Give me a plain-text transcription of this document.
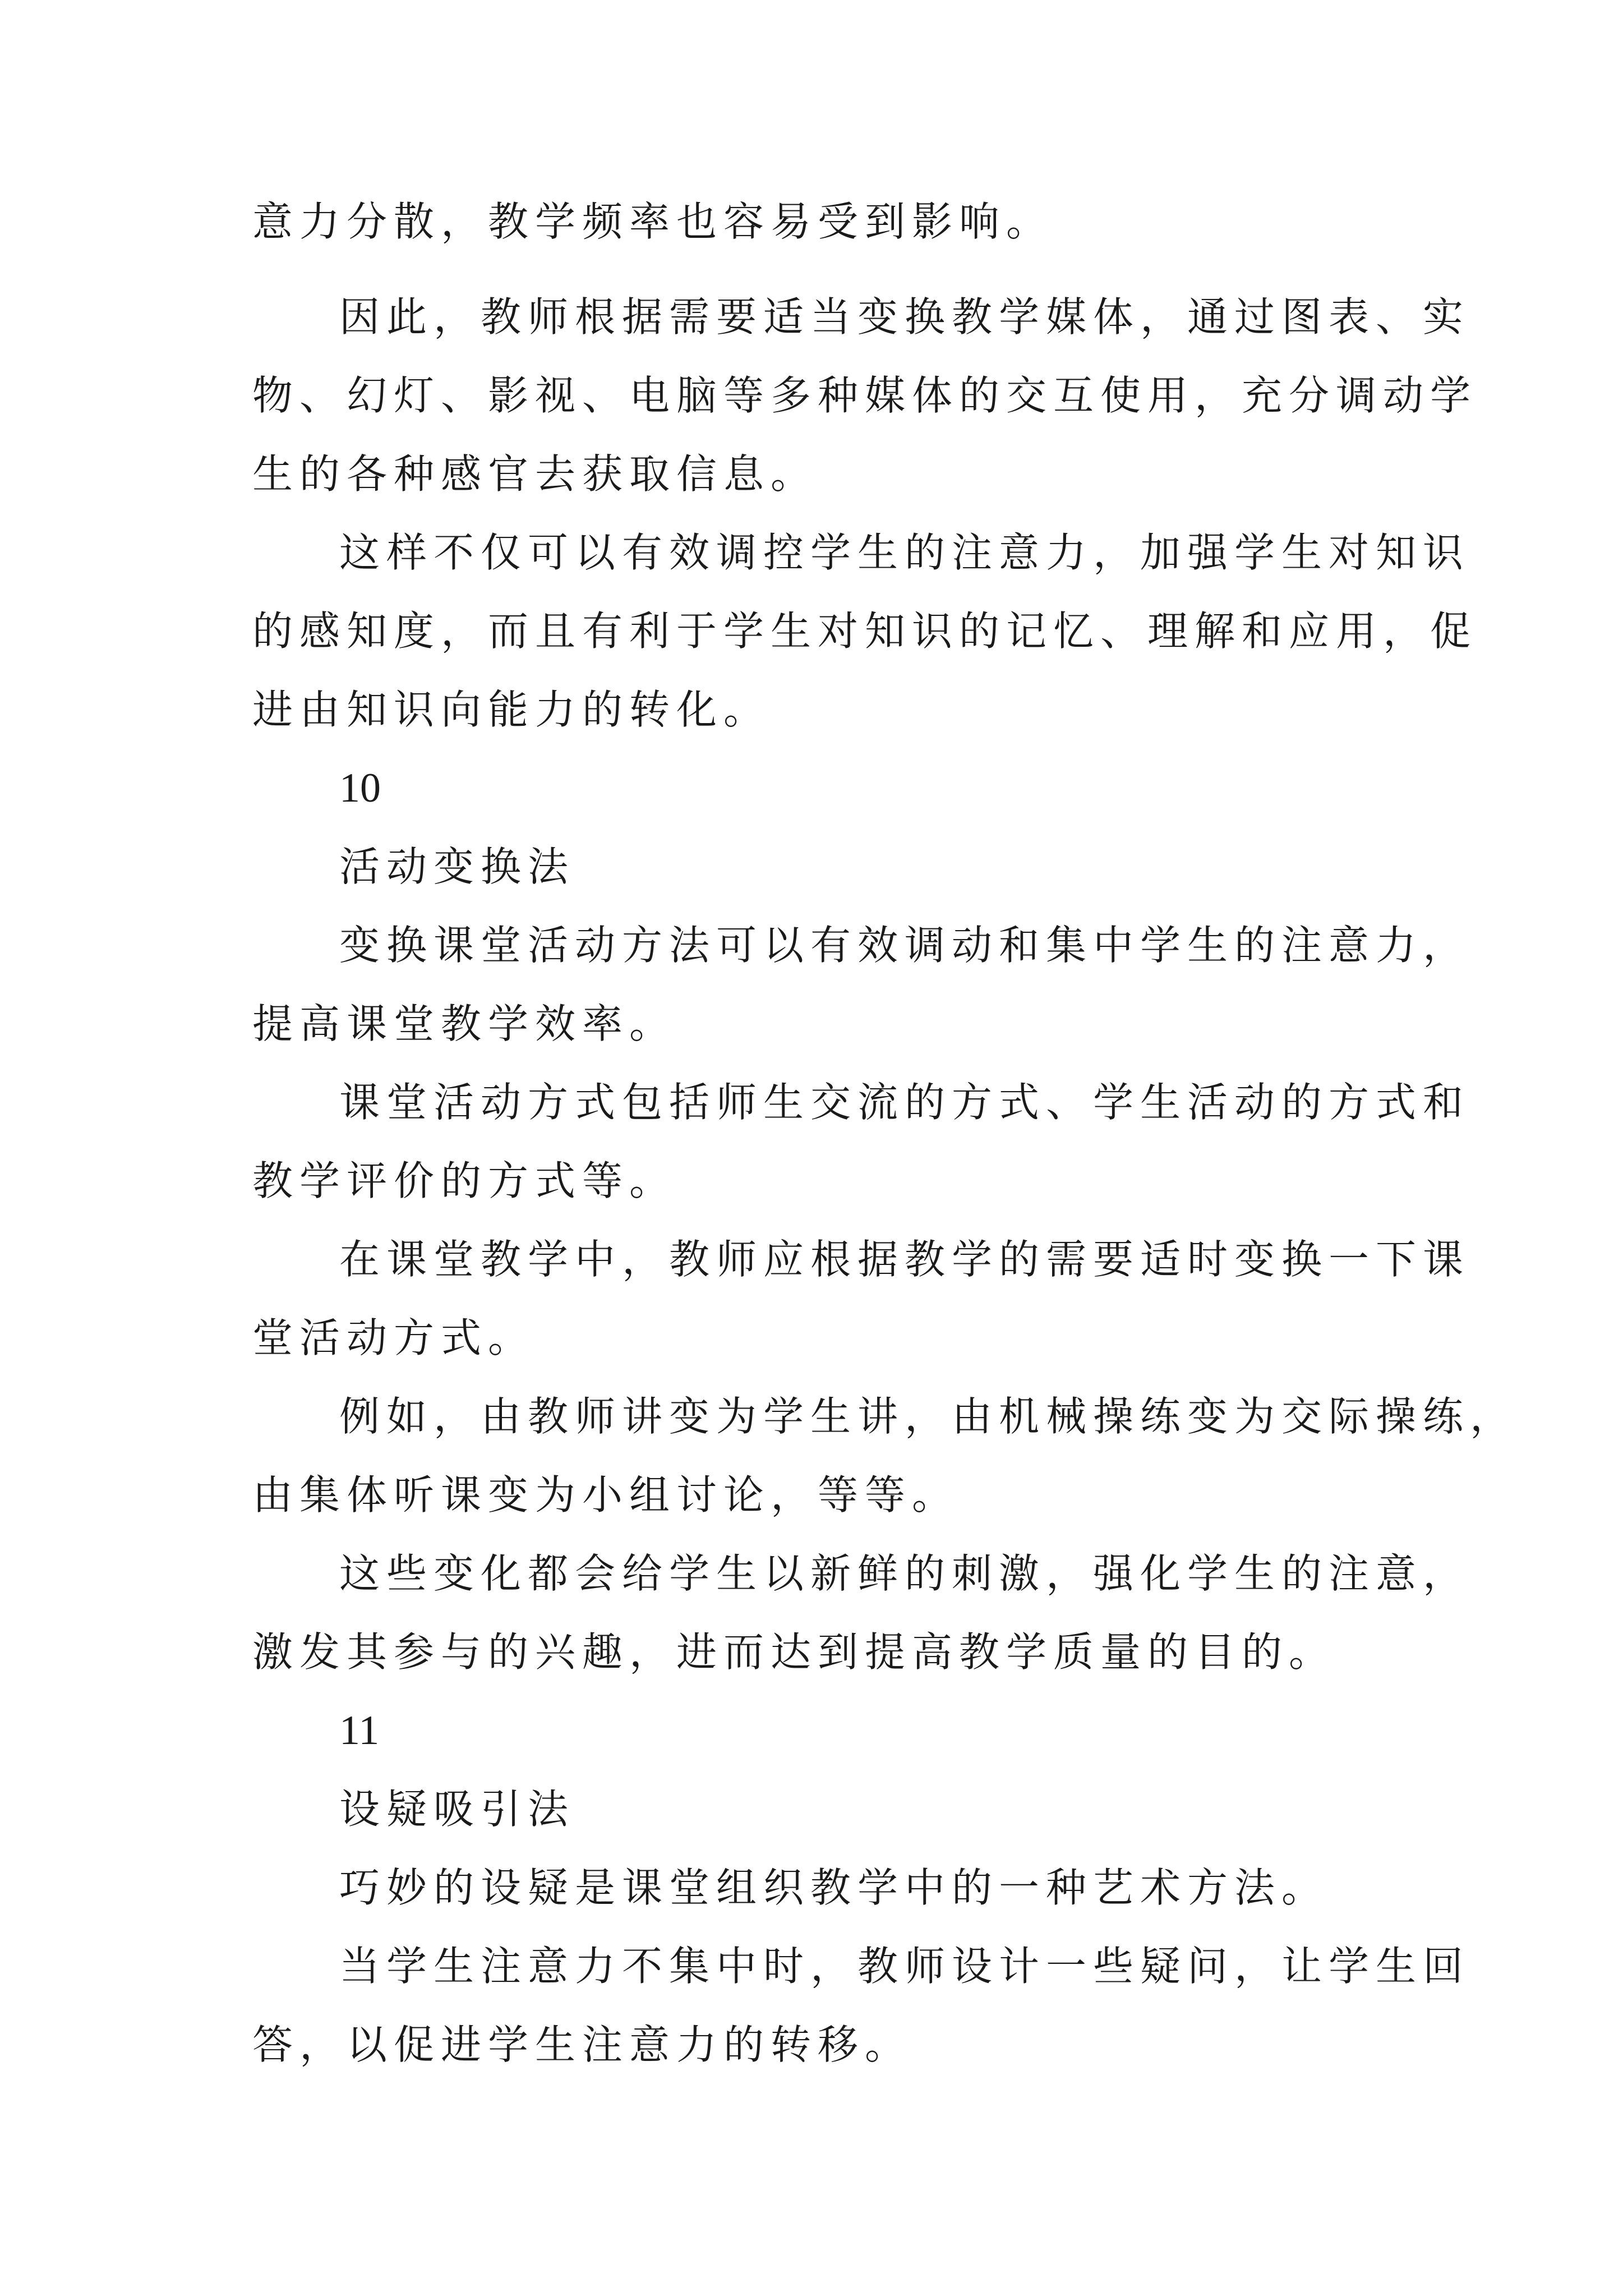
意力分散，教学频率也容易受到影响。

因此，教师根据需要适当变换教学媒体，通过图表、实

物、幻灯、影视、电脑等多种媒体的交互使用，充分调动学

生的各种感官去获取信息。

这样不仅可以有效调控学生的注意力，加强学生对知识

的感知度，而且有利于学生对知识的记忆、理解和应用，促

进由知识向能力的转化。

10

活动变换法

变换课堂活动方法可以有效调动和集中学生的注意力，

提高课堂教学效率。

课堂活动方式包括师生交流的方式、学生活动的方式和

教学评价的方式等。

在课堂教学中，教师应根据教学的需要适时变换一下课

堂活动方式。

例如，由教师讲变为学生讲，由机械操练变为交际操练，

由集体听课变为小组讨论，等等。

这些变化都会给学生以新鲜的刺激，强化学生的注意，

激发其参与的兴趣，进而达到提高教学质量的目的。

11

设疑吸引法

巧妙的设疑是课堂组织教学中的一种艺术方法。

当学生注意力不集中时，教师设计一些疑问，让学生回

答，以促进学生注意力的转移。
